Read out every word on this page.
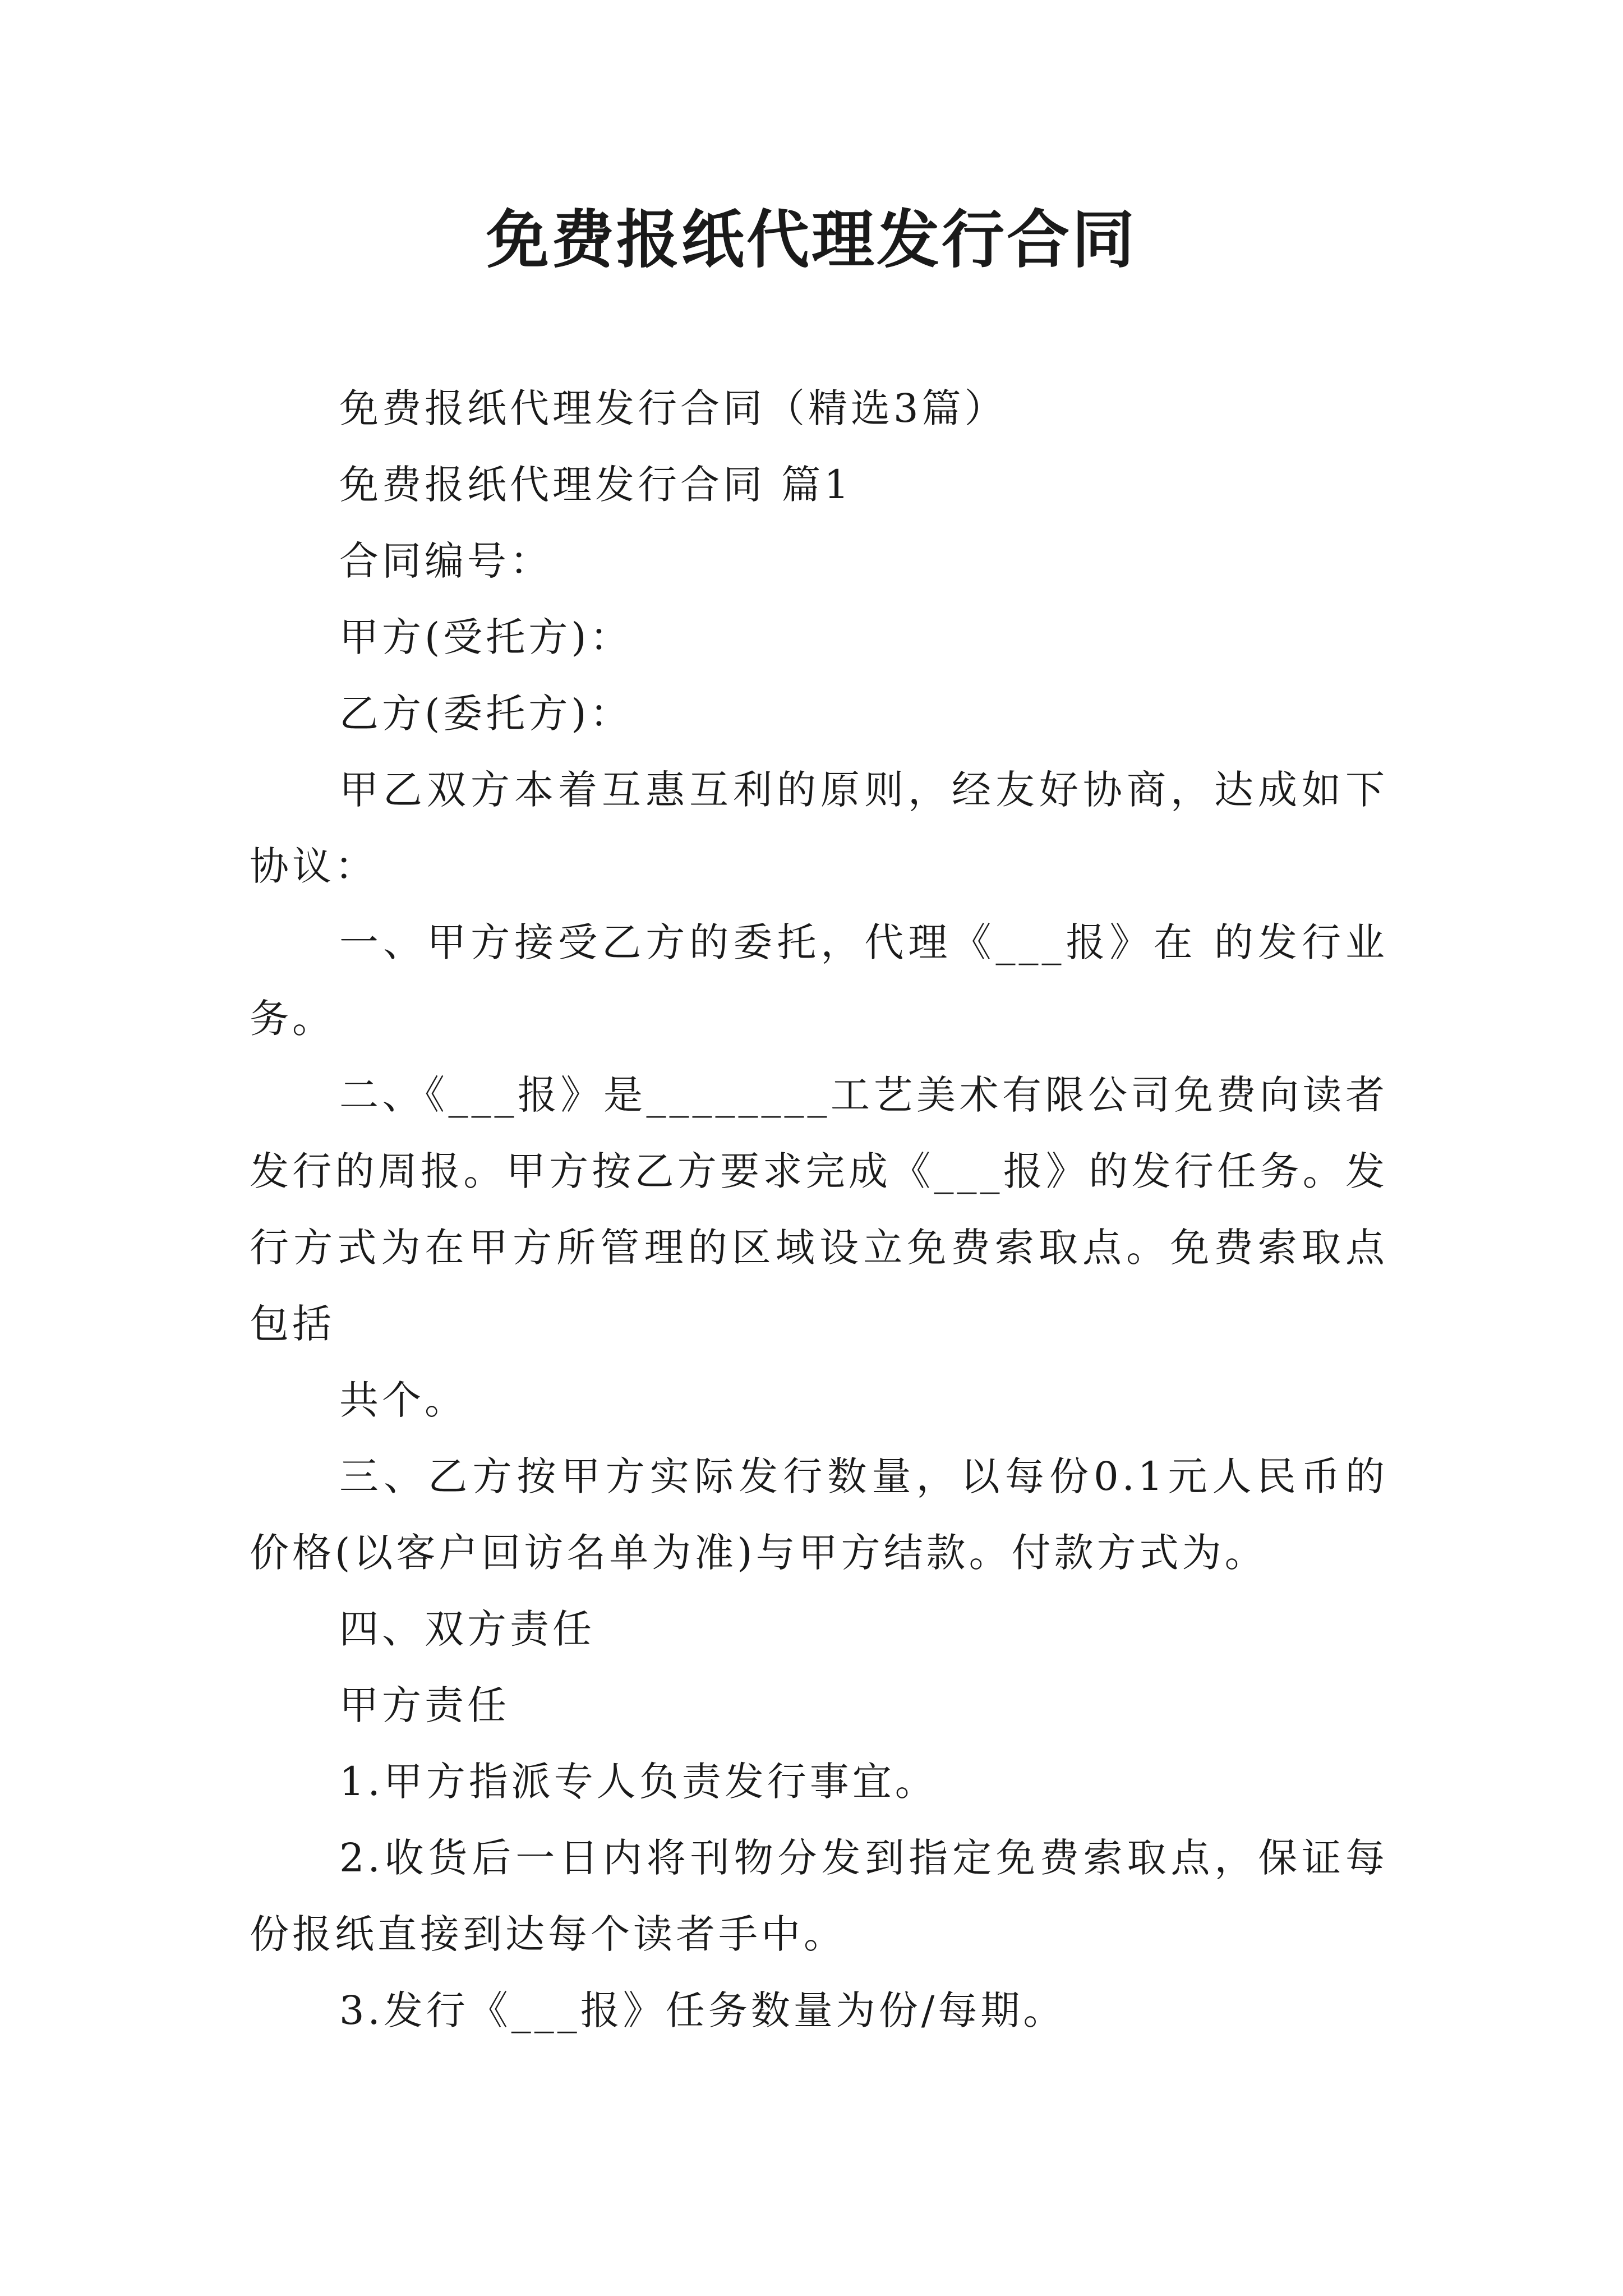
免费报纸代理发行合同

免费报纸代理发行合同（精选3篇）

免费报纸代理发行合同 篇1

合同编号：

甲方(受托方)：

乙方(委托方)：

甲乙双方本着互惠互利的原则，经友好协商，达成如下协议：

一、甲方接受乙方的委托，代理《___报》在 的发行业务。

二、《___报》是________工艺美术有限公司免费向读者发行的周报。甲方按乙方要求完成《___报》的发行任务。发行方式为在甲方所管理的区域设立免费索取点。免费索取点包括

共个。

三、乙方按甲方实际发行数量，以每份0.1元人民币的价格(以客户回访名单为准)与甲方结款。付款方式为。

四、双方责任

甲方责任

1.甲方指派专人负责发行事宜。

2.收货后一日内将刊物分发到指定免费索取点，保证每份报纸直接到达每个读者手中。

3.发行《___报》任务数量为份/每期。
